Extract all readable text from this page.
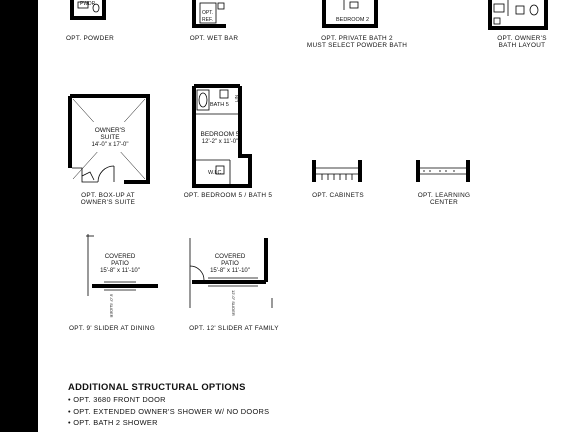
PWDR.
OPT. POWDER
OPT.
REF.
OPT. WET BAR
BEDROOM 2
OPT. PRIVATE BATH 2
MUST SELECT POWDER BATH
OPT. OWNER'S
BATH LAYOUT
OWNER'S
SUITE
14'-0" x 17'-0"
OPT. BOX-UP AT
OWNER'S SUITE
BATH 5
LIN
BEDROOM 5
12'-2" x 11'-0"
W.I.C.
OPT. BEDROOM 5 / BATH 5	OPT. CABINETS	OPT. LEARNING
CENTER
COVERED
PATIO
15'-8" x 11'-10"
9'-0" SLIDER
OPT. 9' SLIDER AT DINING
COVERED
PATIO
15'-8" x 11'-10"
12'-0" SLIDER
OPT. 12' SLIDER AT FAMILY
ADDITIONAL STRUCTURAL OPTIONS
• OPT. 3680 FRONT DOOR
• OPT. EXTENDED OWNER'S SHOWER W/ NO DOORS
• OPT. BATH 2 SHOWER
